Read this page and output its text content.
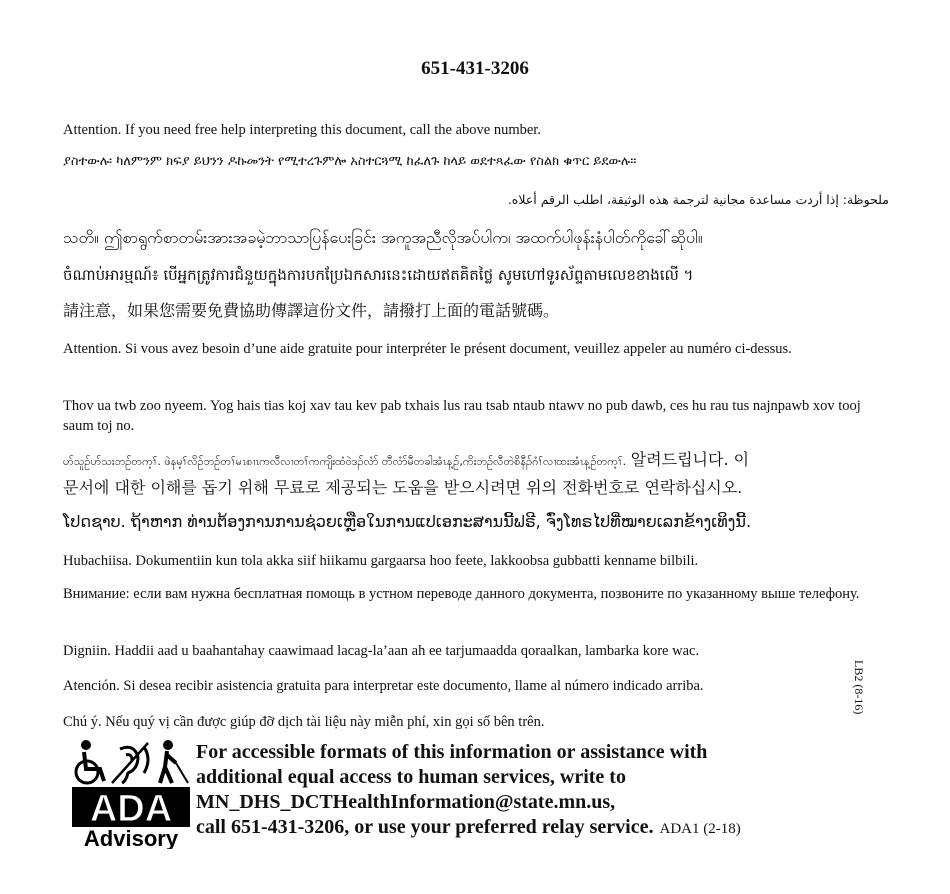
651-431-3206
Attention. If you need free help interpreting this document, call the above number.
ያስተውሉ፡ ካለምንም ክፍያ ይህንን ዶኩመንት የሚተረጉምሎ አስተርጓሚ ከፈለጉ ከላይ ወደተጻፈው የስልክ ቁጥር ይደውሉ።
ملحوظة: إذا أردت مساعدة مجانية لترجمة هذه الوثيقة، اطلب الرقم أعلاه.
သတိ။ ဤစာရွက်စာတမ်းအားအခမဲ့ဘာသာပြန်ပေးခြင်း အကူအညီလိုအပ်ပါက၊ အထက်ပါဖုန်းနံပါတ်ကိုခေါ်ဆိုပါ။
ចំណាប់អារម្មណ៍៖ បើអ្នកត្រូវការជំនួយក្នុងការបកប្រែឯកសារនេះដោយឥតគិតថ្លៃ សូមហៅទូរស័ព្ទតាមលេខខាងលើ ។
請注意，如果您需要免費協助傳譯這份文件，請撥打上面的電話號碼。
Attention. Si vous avez besoin d’une aide gratuite pour interpréter le présent document, veuillez appeler au numéro ci-dessus.
Thov ua twb zoo nyeem. Yog hais tias koj xav tau kev pab txhais lus rau tsab ntaub ntawv no pub dawb, ces hu rau tus najnpawb xov tooj saum toj no.
ဟ်သူဉ်ဟ်သးဘဉ်တက့ၢ်. ဖဲနမ့ၢ်လိဉ်ဘဉ်တၢ်မၤစၢၤကလီလၢတၢ်ကကျိးထံဝဲဒၣ်လံာ် တီလံာ်မီတခါအံၤန့ဉ်,ကိးဘဉ်လီတဲစိနီၣ်ဂံၢ်လၢထးအံၤန့ဉ်တက့ၢ်. 알려드립니다. 이
문서에 대한 이해를 돕기 위해 무료로 제공되는 도움을 받으시려면 위의 전화번호로 연락하십시오.
ໂປດຊາບ. ຖ້າຫາກ ທ່ານຕ້ອງການການຊ່ວຍເຫຼືອໃນການແປເອກະສານນີ້ຟຣີ, ຈົ່ງໂທຣໄປທີ່ໝາຍເລກຂ້າງເທິງນີ້.
Hubachiisa. Dokumentiin kun tola akka siif hiikamu gargaarsa hoo feete, lakkoobsa gubbatti kenname bilbili.
Внимание: если вам нужна бесплатная помощь в устном переводе данного документа, позвоните по указанному выше телефону.
Digniin. Haddii aad u baahantahay caawimaad lacag-la’aan ah ee tarjumaadda qoraalkan, lambarka kore wac.
Atención. Si desea recibir asistencia gratuita para interpretar este documento, llame al número indicado arriba.
Chú ý. Nếu quý vị cần được giúp đỡ dịch tài liệu này miễn phí, xin gọi số bên trên.
LB2 (8-16)
ADA
Advisory
For accessible formats of this information or assistance with
additional equal access to human services, write to
MN_DHS_DCTHealthInformation@state.mn.us,
call 651-431-3206, or use your preferred relay service. ADA1 (2-18)
